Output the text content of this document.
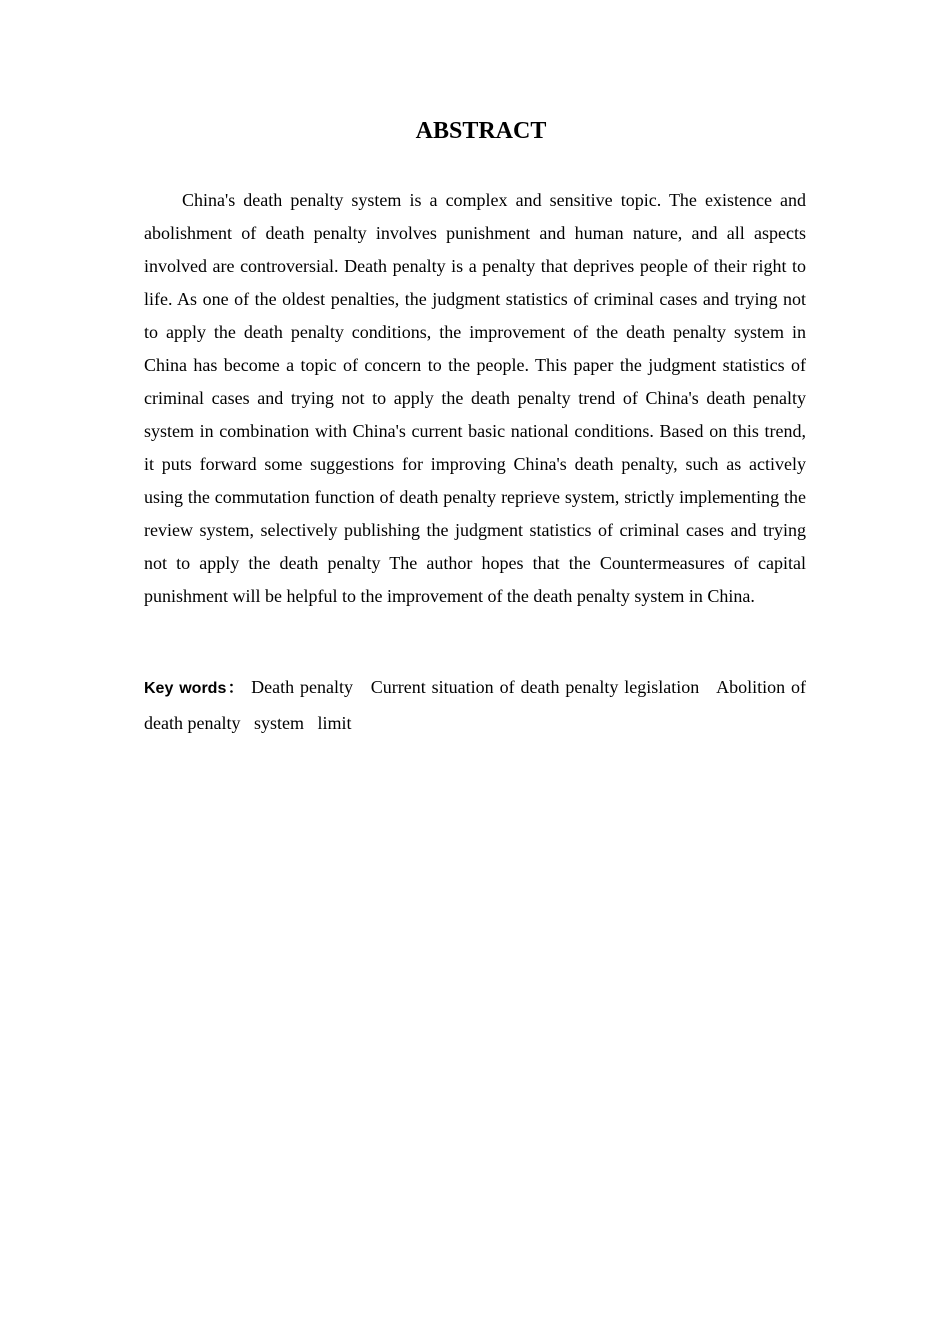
ABSTRACT

China's death penalty system is a complex and sensitive topic. The existence and abolishment of death penalty involves punishment and human nature, and all aspects involved are controversial. Death penalty is a penalty that deprives people of their right to life. As one of the oldest penalties, the judgment statistics of criminal cases and trying not to apply the death penalty conditions, the improvement of the death penalty system in China has become a topic of concern to the people. This paper the judgment statistics of criminal cases and trying not to apply the death penalty trend of China's death penalty system in combination with China's current basic national conditions. Based on this trend, it puts forward some suggestions for improving China's death penalty, such as actively using the commutation function of death penalty reprieve system, strictly implementing the review system, selectively publishing the judgment statistics of criminal cases and trying not to apply the death penalty The author hopes that the Countermeasures of capital punishment will be helpful to the improvement of the death penalty system in China.

Key words： Death penalty   Current situation of death penalty legislation   Abolition of death penalty   system   limit
